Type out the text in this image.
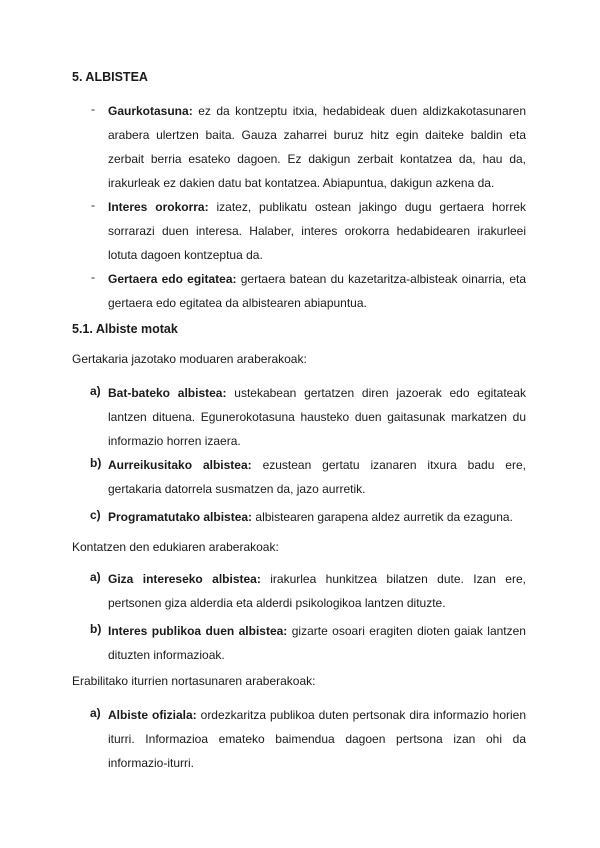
5. ALBISTEA
- Gaurkotasuna: ez da kontzeptu itxia, hedabideak duen aldizkakotasunaren
arabera ulertzen baita. Gauza zaharrei buruz hitz egin daiteke baldin eta
zerbait berria esateko dagoen. Ez dakigun zerbait kontatzea da, hau da,
irakurleak ez dakien datu bat kontatzea. Abiapuntua, dakigun azkena da.
- Interes orokorra: izatez, publikatu ostean jakingo dugu gertaera horrek
sorrarazi duen interesa. Halaber, interes orokorra hedabidearen irakurleei
lotuta dagoen kontzeptua da.
- Gertaera edo egitatea: gertaera batean du kazetaritza-albisteak oinarria, eta
gertaera edo egitatea da albistearen abiapuntua.
5.1. Albiste motak
Gertakaria jazotako moduaren araberakoak:
a) Bat-bateko albistea: ustekabean gertatzen diren jazoerak edo egitateak
lantzen dituena. Egunerokotasuna hausteko duen gaitasunak markatzen du
informazio horren izaera.
b) Aurreikusitako albistea: ezustean gertatu izanaren itxura badu ere,
gertakaria datorrela susmatzen da, jazo aurretik.
c) Programatutako albistea: albistearen garapena aldez aurretik da ezaguna.
Kontatzen den edukiaren araberakoak:
a) Giza intereseko albistea: irakurlea hunkitzea bilatzen dute. Izan ere,
pertsonen giza alderdia eta alderdi psikologikoa lantzen dituzte.
b) Interes publikoa duen albistea: gizarte osoari eragiten dioten gaiak lantzen
dituzten informazioak.
Erabilitako iturrien nortasunaren araberakoak:
a) Albiste ofiziala: ordezkaritza publikoa duten pertsonak dira informazio horien
iturri. Informazioa emateko baimendua dagoen pertsona izan ohi da
informazio-iturri.
